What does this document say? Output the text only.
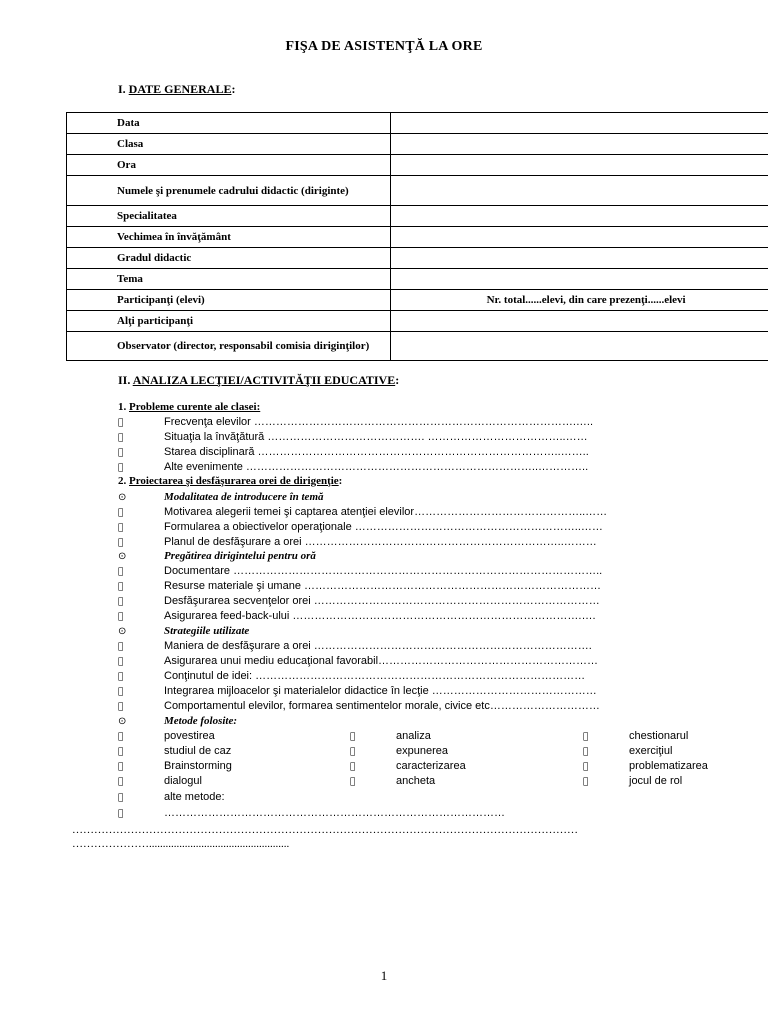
FIŞA DE ASISTENŢĂ LA ORE
I. DATE GENERALE:
Data	
Clasa	
Ora	
Numele şi prenumele cadrului didactic (diriginte)	
Specialitatea	
Vechimea în învăţământ	
Gradul didactic	
Tema	
Participanţi (elevi)	Nr. total......elevi, din care prezenţi......elevi
Alţi participanţi	
Observator (director, responsabil comisia diriginţilor)	
II. ANALIZA LECŢIEI/ACTIVITĂŢII EDUCATIVE:
1. Probleme curente ale clasei:
Frecvenţa elevilor …………………………………………………………………………….…..
Situaţia la învăţătură ……………………………………. ………………………………..……
Starea disciplinară ………………………………………………………………………..……..
Alte evenimente ……………………………………………………………………..…………..
2. Proiectarea şi desfăşurarea orei de dirigenţie:
⊙	Modalitatea de introducere în temă
Motivarea alegerii temei şi captarea atenţiei elevilor………………………………………..……
Formularea a obiectivelor operaţionale ……………………………………………………..……
Planul de desfăşurare a orei ……………………………………………………………..………
⊙	Pregătirea dirigintelui pentru oră
Documentare ………………………………………………………………………………………..
Resurse materiale şi umane ………………………………………………………………………
Desfăşurarea secvenţelor orei ……………………………………………………………………
Asigurarea feed-back-ului …………………………………………………………………….….
⊙	Strategiile utilizate
Maniera de desfăşurare a orei ………………………………………………………………….
Asigurarea unui mediu educaţional favorabil……………………………………………………
Conţinutul de idei: ………………………………………………………………………………
Integrarea mijloacelor şi materialelor didactice în lecţie ………………………………………
Comportamentul elevilor, formarea sentimentelor morale, civice etc…………………………
⊙	Metode folosite:
povestirea	analiza	chestionarul
studiul de caz	expunerea	exerciţiul
Brainstorming	caracterizarea	problematizarea
dialogul	ancheta	jocul de rol
alte metode:
…………………………………………………………………………………
…………………………………………………………………………………………………………………………
…………………...................................................
1
